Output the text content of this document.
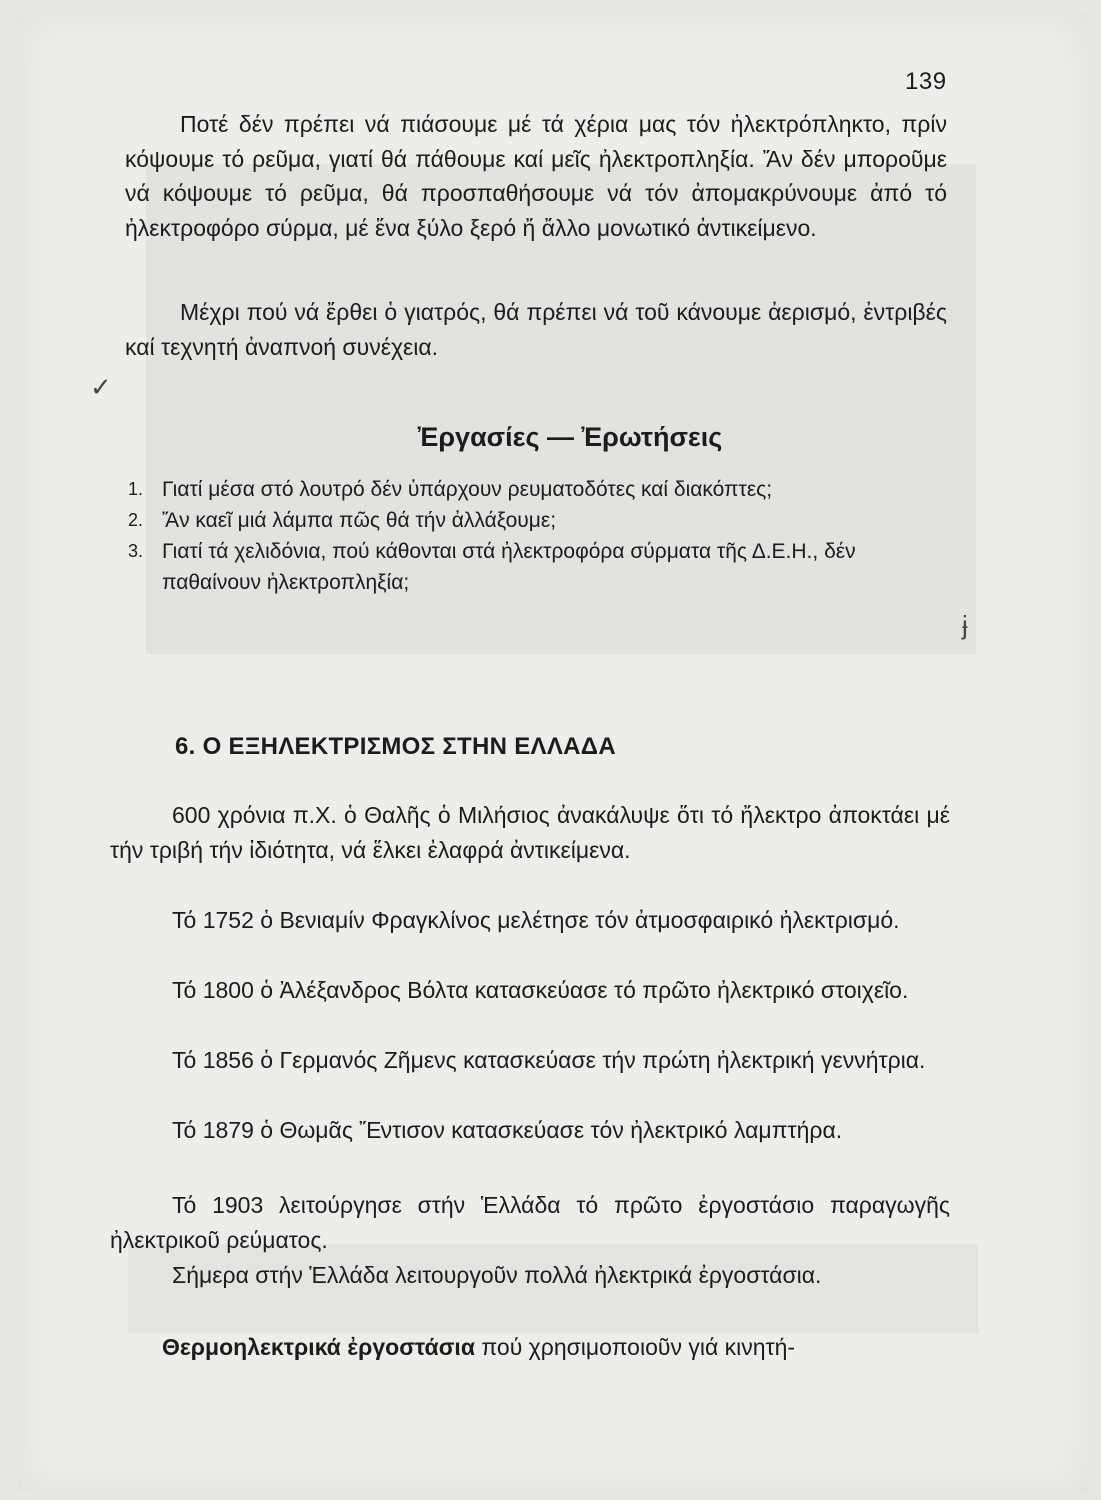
139

Ποτέ δέν πρέπει νά πιάσουμε μέ τά χέρια μας τόν ἠλεκτρόπληκτο, πρίν κόψουμε τό ρεῦμα, γιατί θά πάθουμε καί μεῖς ἠλεκτροπληξία. Ἄν δέν μποροῦμε νά κόψουμε τό ρεῦμα, θά προσπαθήσουμε νά τόν ἀπομακρύνουμε ἀπό τό ἠλεκτροφόρο σύρμα, μέ ἕνα ξύλο ξερό ἤ ἄλλο μονωτικό ἀντικείμενο.

Μέχρι πού νά ἔρθει ὁ γιατρός, θά πρέπει νά τοῦ κάνουμε ἀερισμό, ἐντριβές καί τεχνητή ἀναπνοή συνέχεια.

✓
ɉ
Ἐργασίες — Ἐρωτήσεις
1. Γιατί μέσα στό λουτρό δέν ὑπάρχουν ρευματοδότες καί διακόπτες;
2. Ἄν καεῖ μιά λάμπα πῶς θά τήν ἀλλάξουμε;
3. Γιατί τά χελιδόνια, πού κάθονται στά ἠλεκτροφόρα σύρματα τῆς Δ.Ε.Η., δέν παθαίνουν ἠλεκτροπληξία;
6. Ο ΕΞΗΛΕΚΤΡΙΣΜΟΣ ΣΤΗΝ ΕΛΛΑΔΑ

600 χρόνια π.Χ. ὁ Θαλῆς ὁ Μιλήσιος ἀνακάλυψε ὅτι τό ἤλεκτρο ἀποκτάει μέ τήν τριβή τήν ἰδιότητα, νά ἕλκει ἐλαφρά ἀντικείμενα.

Τό 1752 ὁ Βενιαμίν Φραγκλίνος μελέτησε τόν ἀτμοσφαιρικό ἠλεκτρισμό.

Τό 1800 ὁ Ἀλέξανδρος Βόλτα κατασκεύασε τό πρῶτο ἠλεκτρικό στοιχεῖο.

Τό 1856 ὁ Γερμανός Ζῆμενς κατασκεύασε τήν πρώτη ἠλεκτρική γεννήτρια.

Τό 1879 ὁ Θωμᾶς Ἔντισον κατασκεύασε τόν ἠλεκτρικό λαμπτήρα.

Τό 1903 λειτούργησε στήν Ἑλλάδα τό πρῶτο ἐργοστάσιο παραγωγῆς ἠλεκτρικοῦ ρεύματος.

Σήμερα στήν Ἑλλάδα λειτουργοῦν πολλά ἠλεκτρικά ἐργοστάσια.

Θερμοηλεκτρικά ἐργοστάσια πού χρησιμοποιοῦν γιά κινητή-
